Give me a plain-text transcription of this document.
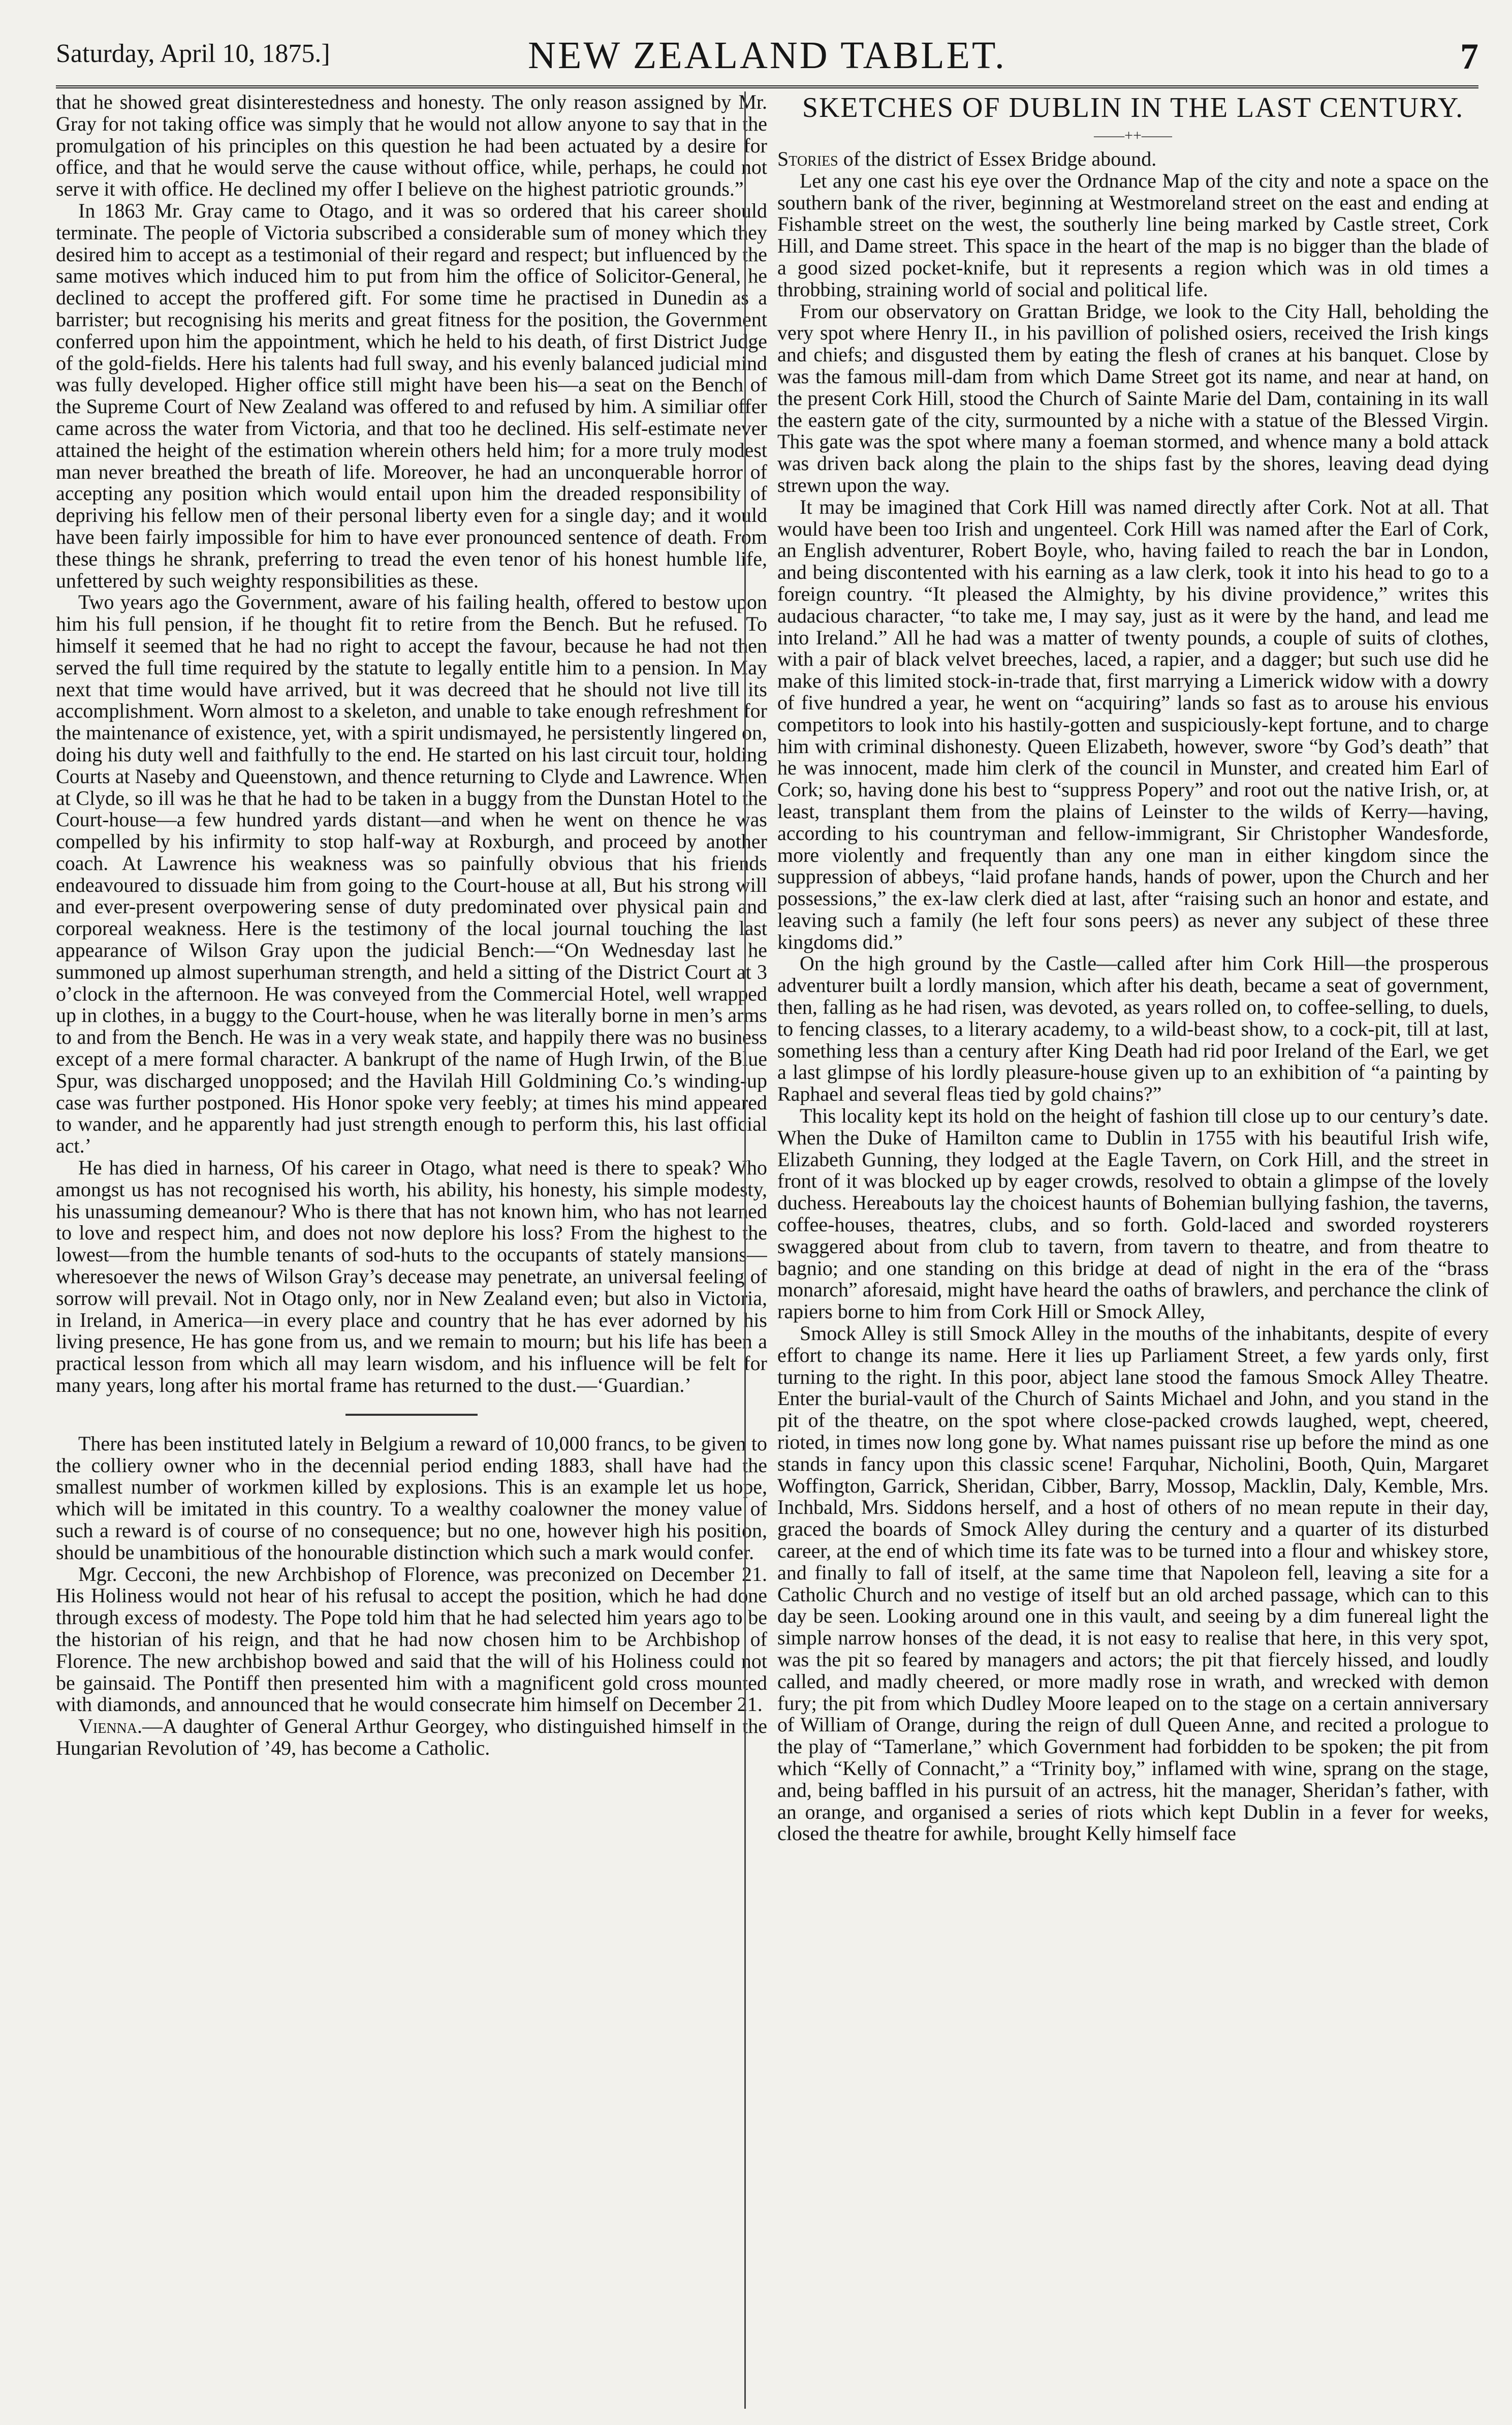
Saturday, April 10, 1875.]	NEW ZEALAND TABLET.	7

that he showed great disinterestedness and honesty. The only reason assigned by Mr. Gray for not taking office was simply that he would not allow anyone to say that in the promulgation of his principles on this question he had been actuated by a desire for office, and that he would serve the cause without office, while, perhaps, he could not serve it with office. He declined my offer I believe on the highest patriotic grounds.”

In 1863 Mr. Gray came to Otago, and it was so ordered that his career should terminate. The people of Victoria subscribed a considerable sum of money which they desired him to accept as a testimonial of their regard and respect; but influenced by the same motives which induced him to put from him the office of Solicitor-General, he declined to accept the proffered gift. For some time he practised in Dunedin as a barrister; but recognising his merits and great fitness for the position, the Government conferred upon him the appointment, which he held to his death, of first District Judge of the gold-fields. Here his talents had full sway, and his evenly balanced judicial mind was fully developed. Higher office still might have been his—a seat on the Bench of the Supreme Court of New Zealand was offered to and refused by him. A similiar offer came across the water from Victoria, and that too he declined. His self-estimate never attained the height of the estimation wherein others held him; for a more truly modest man never breathed the breath of life. Moreover, he had an unconquerable horror of accepting any position which would entail upon him the dreaded responsibility of depriving his fellow men of their personal liberty even for a single day; and it would have been fairly impossible for him to have ever pronounced sentence of death. From these things he shrank, preferring to tread the even tenor of his honest humble life, unfettered by such weighty responsibilities as these.

Two years ago the Government, aware of his failing health, offered to bestow upon him his full pension, if he thought fit to retire from the Bench. But he refused. To himself it seemed that he had no right to accept the favour, because he had not then served the full time required by the statute to legally entitle him to a pension. In May next that time would have arrived, but it was decreed that he should not live till its accomplishment. Worn almost to a skeleton, and unable to take enough refreshment for the maintenance of existence, yet, with a spirit undismayed, he persistently lingered on, doing his duty well and faithfully to the end. He started on his last circuit tour, holding Courts at Naseby and Queenstown, and thence returning to Clyde and Lawrence. When at Clyde, so ill was he that he had to be taken in a buggy from the Dunstan Hotel to the Court-house—a few hundred yards distant—and when he went on thence he was compelled by his infirmity to stop half-way at Roxburgh, and proceed by another coach. At Lawrence his weakness was so painfully obvious that his friends endeavoured to dissuade him from going to the Court-house at all, But his strong will and ever-present overpowering sense of duty predominated over physical pain and corporeal weakness. Here is the testimony of the local journal touching the last appearance of Wilson Gray upon the judicial Bench:—“On Wednesday last he summoned up almost superhuman strength, and held a sitting of the District Court at 3 o’clock in the afternoon. He was conveyed from the Commercial Hotel, well wrapped up in clothes, in a buggy to the Court-house, when he was literally borne in men’s arms to and from the Bench. He was in a very weak state, and happily there was no business except of a mere formal character. A bankrupt of the name of Hugh Irwin, of the Blue Spur, was discharged unopposed; and the Havilah Hill Goldmining Co.’s winding-up case was further postponed. His Honor spoke very feebly; at times his mind appeared to wander, and he apparently had just strength enough to perform this, his last official act.’

He has died in harness, Of his career in Otago, what need is there to speak? Who amongst us has not recognised his worth, his ability, his honesty, his simple modesty, his unassuming demeanour? Who is there that has not known him, who has not learned to love and respect him, and does not now deplore his loss? From the highest to the lowest—from the humble tenants of sod-huts to the occupants of stately mansions—wheresoever the news of Wilson Gray’s decease may penetrate, an universal feeling of sorrow will prevail. Not in Otago only, nor in New Zealand even; but also in Victoria, in Ireland, in America—in every place and country that he has ever adorned by his living presence, He has gone from us, and we remain to mourn; but his life has been a practical lesson from which all may learn wisdom, and his influence will be felt for many years, long after his mortal frame has returned to the dust.—‘Guardian.’

There has been instituted lately in Belgium a reward of 10,000 francs, to be given to the colliery owner who in the decennial period ending 1883, shall have had the smallest number of workmen killed by explosions. This is an example let us hope, which will be imitated in this country. To a wealthy coalowner the money value of such a reward is of course of no consequence; but no one, however high his position, should be unambitious of the honourable distinction which such a mark would confer.

Mgr. Cecconi, the new Archbishop of Florence, was preconized on December 21. His Holiness would not hear of his refusal to accept the position, which he had done through excess of modesty. The Pope told him that he had selected him years ago to be the historian of his reign, and that he had now chosen him to be Archbishop of Florence. The new archbishop bowed and said that the will of his Holiness could not be gainsaid. The Pontiff then presented him with a magnificent gold cross mounted with diamonds, and announced that he would consecrate him himself on December 21.

Vienna.—A daughter of General Arthur Georgey, who distinguished himself in the Hungarian Revolution of ’49, has become a Catholic.

SKETCHES OF DUBLIN IN THE LAST CENTURY.
——++——

Stories of the district of Essex Bridge abound.

Let any one cast his eye over the Ordnance Map of the city and note a space on the southern bank of the river, beginning at Westmoreland street on the east and ending at Fishamble street on the west, the southerly line being marked by Castle street, Cork Hill, and Dame street. This space in the heart of the map is no bigger than the blade of a good sized pocket-knife, but it represents a region which was in old times a throbbing, straining world of social and political life.

From our observatory on Grattan Bridge, we look to the City Hall, beholding the very spot where Henry II., in his pavillion of polished osiers, received the Irish kings and chiefs; and disgusted them by eating the flesh of cranes at his banquet. Close by was the famous mill-dam from which Dame Street got its name, and near at hand, on the present Cork Hill, stood the Church of Sainte Marie del Dam, containing in its wall the eastern gate of the city, surmounted by a niche with a statue of the Blessed Virgin. This gate was the spot where many a foeman stormed, and whence many a bold attack was driven back along the plain to the ships fast by the shores, leaving dead dying strewn upon the way.

It may be imagined that Cork Hill was named directly after Cork. Not at all. That would have been too Irish and ungenteel. Cork Hill was named after the Earl of Cork, an English adventurer, Robert Boyle, who, having failed to reach the bar in London, and being discontented with his earning as a law clerk, took it into his head to go to a foreign country. “It pleased the Almighty, by his divine providence,” writes this audacious character, “to take me, I may say, just as it were by the hand, and lead me into Ireland.” All he had was a matter of twenty pounds, a couple of suits of clothes, with a pair of black velvet breeches, laced, a rapier, and a dagger; but such use did he make of this limited stock-in-trade that, first marrying a Limerick widow with a dowry of five hundred a year, he went on “acquiring” lands so fast as to arouse his envious competitors to look into his hastily-gotten and suspiciously-kept fortune, and to charge him with criminal dishonesty. Queen Elizabeth, however, swore “by God’s death” that he was innocent, made him clerk of the council in Munster, and created him Earl of Cork; so, having done his best to “suppress Popery” and root out the native Irish, or, at least, transplant them from the plains of Leinster to the wilds of Kerry—having, according to his countryman and fellow-immigrant, Sir Christopher Wandesforde, more violently and frequently than any one man in either kingdom since the suppression of abbeys, “laid profane hands, hands of power, upon the Church and her possessions,” the ex-law clerk died at last, after “raising such an honor and estate, and leaving such a family (he left four sons peers) as never any subject of these three kingdoms did.”

On the high ground by the Castle—called after him Cork Hill—the prosperous adventurer built a lordly mansion, which after his death, became a seat of government, then, falling as he had risen, was devoted, as years rolled on, to coffee-selling, to duels, to fencing classes, to a literary academy, to a wild-beast show, to a cock-pit, till at last, something less than a century after King Death had rid poor Ireland of the Earl, we get a last glimpse of his lordly pleasure-house given up to an exhibition of “a painting by Raphael and several fleas tied by gold chains?”

This locality kept its hold on the height of fashion till close up to our century’s date. When the Duke of Hamilton came to Dublin in 1755 with his beautiful Irish wife, Elizabeth Gunning, they lodged at the Eagle Tavern, on Cork Hill, and the street in front of it was blocked up by eager crowds, resolved to obtain a glimpse of the lovely duchess. Hereabouts lay the choicest haunts of Bohemian bullying fashion, the taverns, coffee-houses, theatres, clubs, and so forth. Gold-laced and sworded roysterers swaggered about from club to tavern, from tavern to theatre, and from theatre to bagnio; and one standing on this bridge at dead of night in the era of the “brass monarch” aforesaid, might have heard the oaths of brawlers, and perchance the clink of rapiers borne to him from Cork Hill or Smock Alley,

Smock Alley is still Smock Alley in the mouths of the inhabitants, despite of every effort to change its name. Here it lies up Parliament Street, a few yards only, first turning to the right. In this poor, abject lane stood the famous Smock Alley Theatre. Enter the burial-vault of the Church of Saints Michael and John, and you stand in the pit of the theatre, on the spot where close-packed crowds laughed, wept, cheered, rioted, in times now long gone by. What names puissant rise up before the mind as one stands in fancy upon this classic scene! Farquhar, Nicholini, Booth, Quin, Margaret Woffington, Garrick, Sheridan, Cibber, Barry, Mossop, Macklin, Daly, Kemble, Mrs. Inchbald, Mrs. Siddons herself, and a host of others of no mean repute in their day, graced the boards of Smock Alley during the century and a quarter of its disturbed career, at the end of which time its fate was to be turned into a flour and whiskey store, and finally to fall of itself, at the same time that Napoleon fell, leaving a site for a Catholic Church and no vestige of itself but an old arched passage, which can to this day be seen. Looking around one in this vault, and seeing by a dim funereal light the simple narrow honses of the dead, it is not easy to realise that here, in this very spot, was the pit so feared by managers and actors; the pit that fiercely hissed, and loudly called, and madly cheered, or more madly rose in wrath, and wrecked with demon fury; the pit from which Dudley Moore leaped on to the stage on a certain anniversary of William of Orange, during the reign of dull Queen Anne, and recited a prologue to the play of “Tamerlane,” which Government had forbidden to be spoken; the pit from which “Kelly of Connacht,” a “Trinity boy,” inflamed with wine, sprang on the stage, and, being baffled in his pursuit of an actress, hit the manager, Sheridan’s father, with an orange, and organised a series of riots which kept Dublin in a fever for weeks, closed the theatre for awhile, brought Kelly himself face
